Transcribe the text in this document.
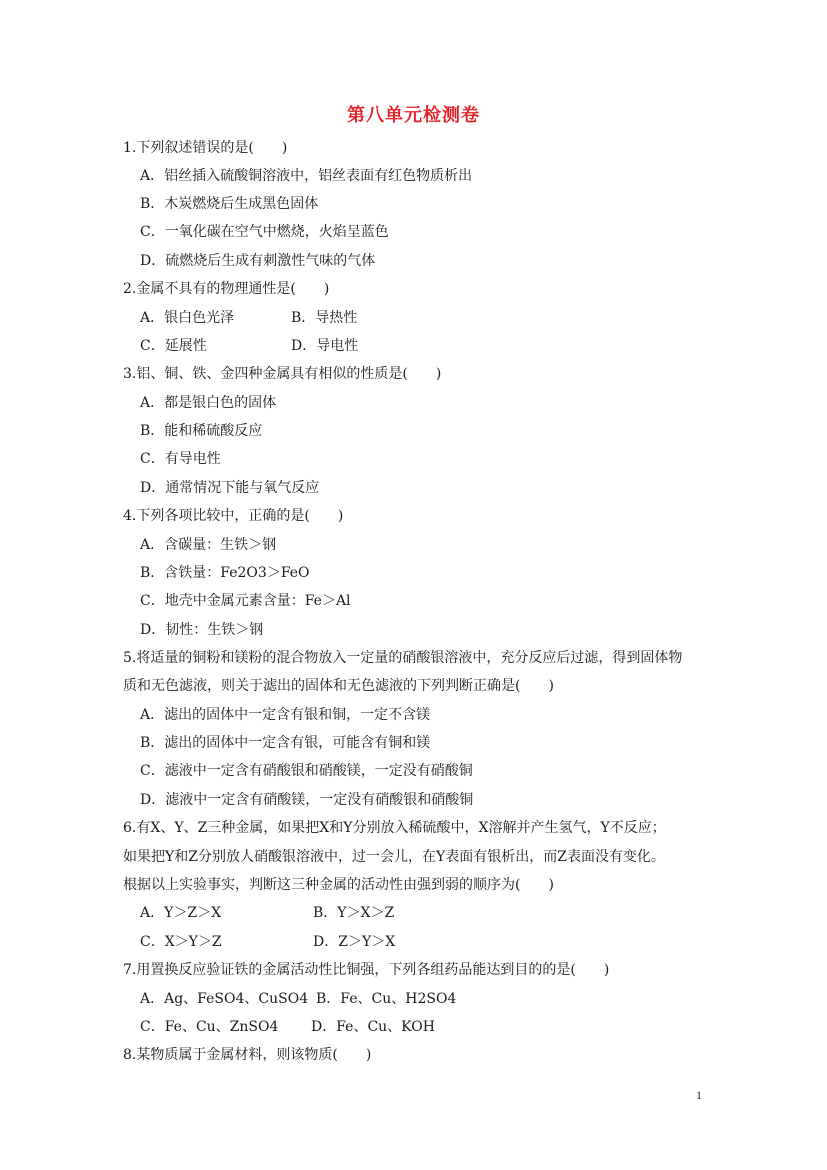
第八单元检测卷
1.下列叙述错误的是(　　)
A．铝丝插入硫酸铜溶液中，铝丝表面有红色物质析出
B．木炭燃烧后生成黑色固体
C．一氧化碳在空气中燃烧，火焰呈蓝色
D．硫燃烧后生成有刺激性气味的气体
2.金属不具有的物理通性是(　　)
A．银白色光泽	B．导热性
C．延展性	D．导电性
3.铝、铜、铁、金四种金属具有相似的性质是(　　)
A．都是银白色的固体
B．能和稀硫酸反应
C．有导电性
D．通常情况下能与氧气反应
4.下列各项比较中，正确的是(　　)
A．含碳量：生铁＞钢
B．含铁量：Fe2O3＞FeO
C．地壳中金属元素含量：Fe＞Al
D．韧性：生铁＞钢
5.将适量的铜粉和镁粉的混合物放入一定量的硝酸银溶液中，充分反应后过滤，得到固体物
质和无色滤液，则关于滤出的固体和无色滤液的下列判断正确是(　　)
A．滤出的固体中一定含有银和铜，一定不含镁
B．滤出的固体中一定含有银，可能含有铜和镁
C．滤液中一定含有硝酸银和硝酸镁，一定没有硝酸铜
D．滤液中一定含有硝酸镁，一定没有硝酸银和硝酸铜
6.有X、Y、Z三种金属，如果把X和Y分别放入稀硫酸中，X溶解并产生氢气，Y不反应；
如果把Y和Z分别放人硝酸银溶液中，过一会儿，在Y表面有银析出，而Z表面没有变化。
根据以上实验事实，判断这三种金属的活动性由强到弱的顺序为(　　)
A．Y＞Z＞X	B．Y＞X＞Z
C．X＞Y＞Z	D．Z＞Y＞X
7.用置换反应验证铁的金属活动性比铜强，下列各组药品能达到目的的是(　　)
A．Ag、FeSO4、CuSO4 B．Fe、Cu、H2SO4
C．Fe、Cu、ZnSO4 D．Fe、Cu、KOH
8.某物质属于金属材料，则该物质(　　)
1
